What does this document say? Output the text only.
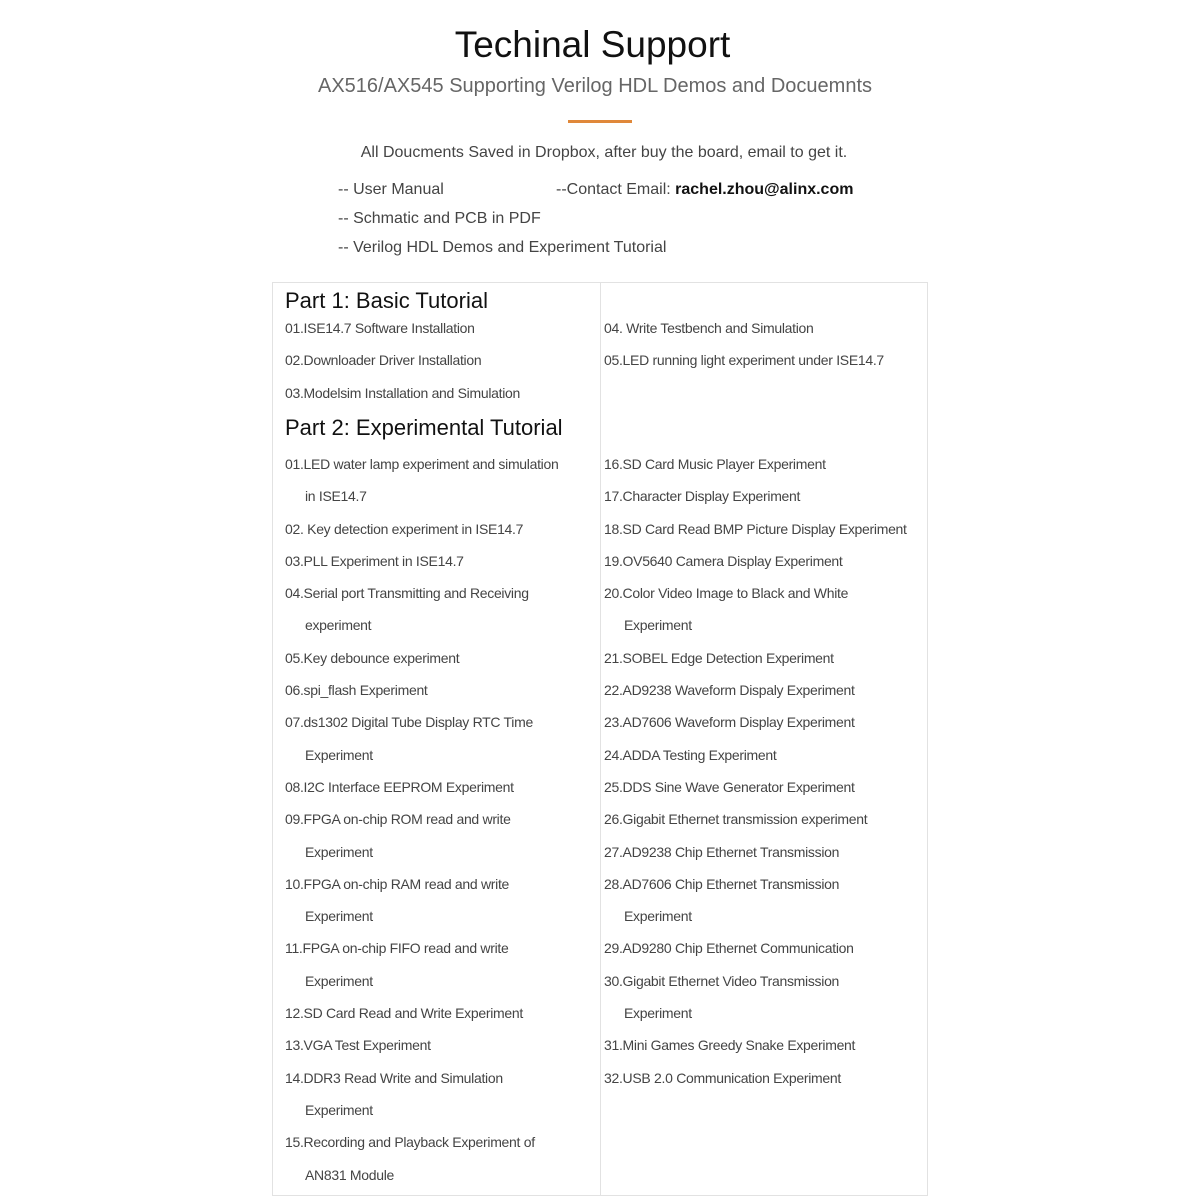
Techinal Support
AX516/AX545 Supporting Verilog HDL Demos and Docuemnts
All Doucments Saved in Dropbox, after buy the board, email to get it.
-- User Manual
-- Schmatic and PCB in PDF
-- Verilog HDL Demos and Experiment Tutorial
--Contact Email: rachel.zhou@alinx.com
Part 1: Basic Tutorial
01.ISE14.7 Software Installation
02.Downloader Driver Installation
03.Modelsim Installation and Simulation
04. Write Testbench and Simulation
05.LED running light experiment under ISE14.7
Part 2: Experimental Tutorial
01.LED water lamp experiment and simulation
in ISE14.7
02. Key detection experiment in ISE14.7
03.PLL Experiment in ISE14.7
04.Serial port Transmitting and Receiving
experiment
05.Key debounce experiment
06.spi_flash Experiment
07.ds1302 Digital Tube Display RTC Time
Experiment
08.I2C Interface EEPROM Experiment
09.FPGA on-chip ROM read and write
Experiment
10.FPGA on-chip RAM read and write
Experiment
11.FPGA on-chip FIFO read and write
Experiment
12.SD Card Read and Write Experiment
13.VGA Test Experiment
14.DDR3 Read Write and Simulation
Experiment
15.Recording and Playback Experiment of
AN831 Module
16.SD Card Music Player Experiment
17.Character Display Experiment
18.SD Card Read BMP Picture Display Experiment
19.OV5640 Camera Display Experiment
20.Color Video Image to Black and White
Experiment
21.SOBEL Edge Detection Experiment
22.AD9238 Waveform Dispaly Experiment
23.AD7606 Waveform Display Experiment
24.ADDA Testing Experiment
25.DDS Sine Wave Generator Experiment
26.Gigabit Ethernet transmission experiment
27.AD9238 Chip Ethernet Transmission
28.AD7606 Chip Ethernet Transmission
Experiment
29.AD9280 Chip Ethernet Communication
30.Gigabit Ethernet Video Transmission
Experiment
31.Mini Games Greedy Snake Experiment
32.USB 2.0 Communication Experiment
